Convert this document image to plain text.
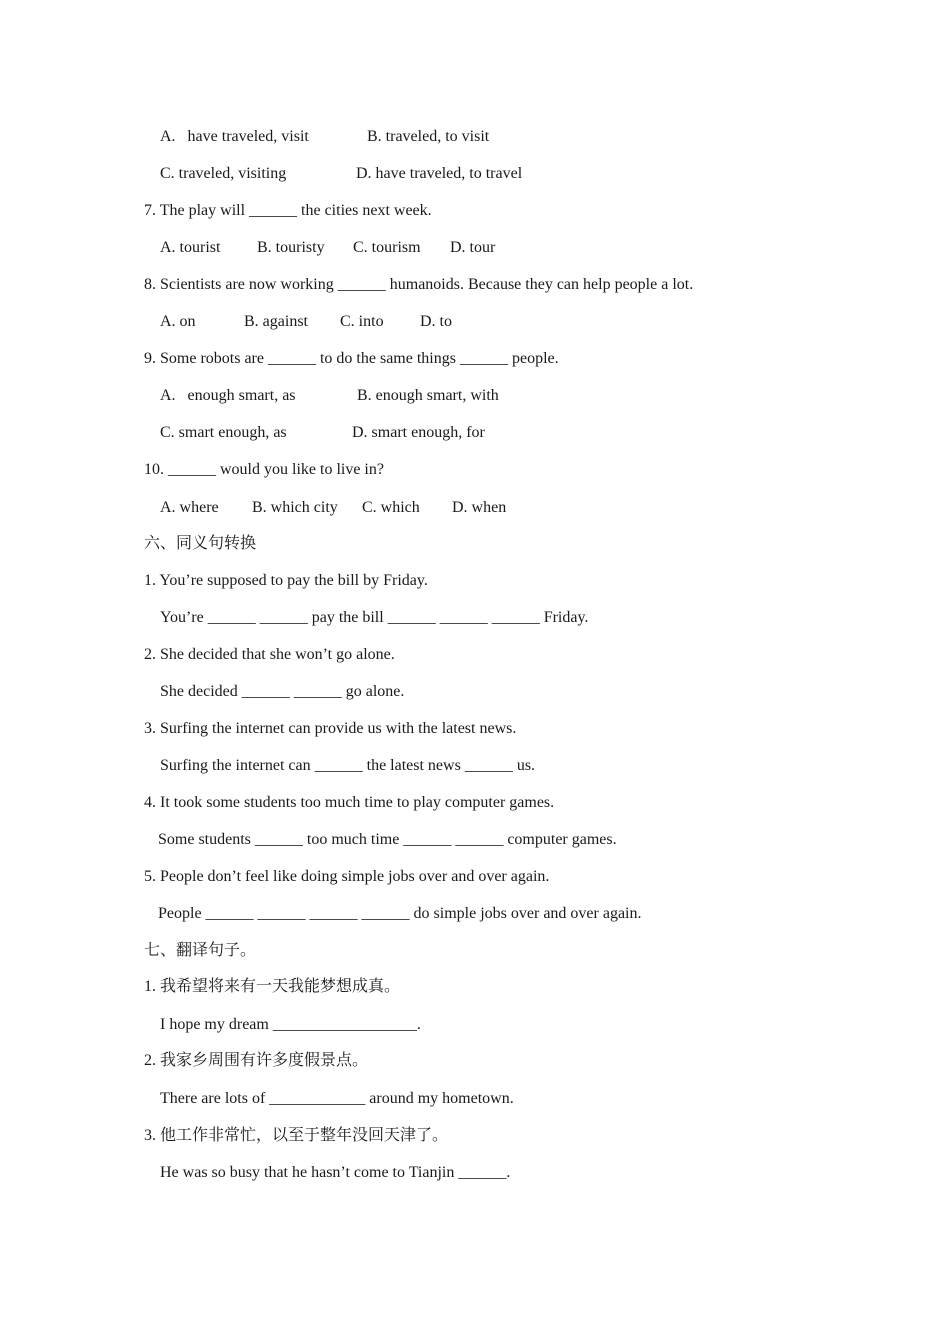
A.   have traveled, visit	B. traveled, to visit
C. traveled, visiting	D. have traveled, to travel

7. The play will ______ the cities next week.

A. tourist B. touristy C. tourism D. tour

8. Scientists are now working ______ humanoids. Because they can help people a lot.

A. on	B. against C. into D. to

9. Some robots are ______ to do the same things ______ people.

A.   enough smart, as	B. enough smart, with
C. smart enough, as	D. smart enough, for

10. ______ would you like to live in?

A. where B. which city C. which D. when
六、同义句转换

1. You’re supposed to pay the bill by Friday.

You’re ______ ______ pay the bill ______ ______ ______ Friday.

2. She decided that she won’t go alone.

She decided ______ ______ go alone.

3. Surfing the internet can provide us with the latest news.

Surfing the internet can ______ the latest news ______ us.

4. It took some students too much time to play computer games.

Some students ______ too much time ______ ______ computer games.

5. People don’t feel like doing simple jobs over and over again.

People ______ ______ ______ ______ do simple jobs over and over again.

七、翻译句子。

1. 我希望将来有一天我能梦想成真。

I hope my dream __________________.

2. 我家乡周围有许多度假景点。

There are lots of ____________ around my hometown.

3. 他工作非常忙，以至于整年没回天津了。

He was so busy that he hasn’t come to Tianjin ______.
